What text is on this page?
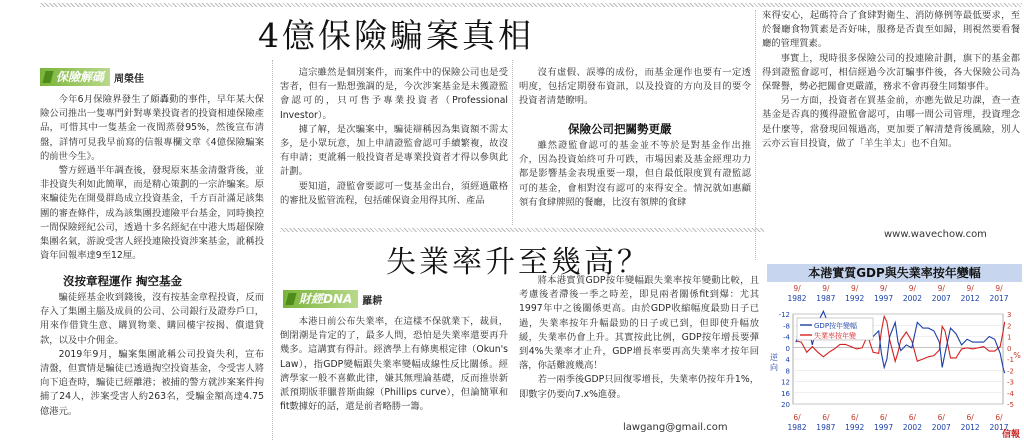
4億保險騙案真相
保險解碼	周榮佳

今年6月保險界發生了頗轟動的事件，早年某大保險公司推出一隻專門針對專業投資者的投資相連保險產品，可惜其中一隻基金一夜間蒸發95%，然後宣布清盤，詳情可見我早前寫的信報專欄文章《4億保險騙案的前世今生》。

警方經過半年調查後，發現原來基金清盤背後，並非投資失利如此簡單，而是精心策劃的一宗詐騙案。原來騙徒先在開曼群島成立投資基金，千方百計滿足該集團的審查條件，成為該集團投連險平台基金，同時換控一間保險經紀公司，透過十多名經紀在中港大馬超保險集團名氣，游說受害人經投連險投資涉案基金，訛稱投資年回報率達9至12厘。

沒按章程運作 掏空基金

騙徒經基金收到錢後，沒有按基金章程投資，反而存入了集團主腦及成員的公司、公司銀行及證券戶口，用來作借貸生意、購買物業、購回樓宇按揭、償還貸款，以及中介佣金。

2019年9月，騙案集團訛稱公司投資失利，宣布清盤，但實情是騙徒已透過掏空投資基金，令受害人將向下追查時，騙徒已經離港；被捕的警方就涉案案件拘捕了24人，涉案受害人約263名，受騙金額高達4.75億港元。

這宗雖然是個別案件，而案件中的保險公司也是受害者，但有一點想強調的是，今次涉案基金是未獲證監會認可的，只可售予專業投資者（Professional Investor）。

據了解，是次騙案中，騙徒辯稱因為集資額不需太多，是小眾玩意，加上申請證監會認可手續繁複，故沒有申請；更訛稱一般投資者是專業投資者才得以參與此計劃。

要知道，證監會要認可一隻基金出台，須經過嚴格的審批及監管流程，包括確保資金用得其所、產品

沒有虛假、誤導的成份，而基金運作也要有一定透明度，包括定期發布資訊，以及投資的方向及目的要令投資者清楚瞭明。

保險公司把關勢更嚴

雖然證監會認可的基金並不等於是對基金作出推介，因為投資始終可升可跌，市場因素及基金經理功力都是影響基金表現重要一環，但自最低限度買有證監認可的基金，會相對沒有認可的來得安全。情況就如惠顧領有食肆牌照的餐廳，比沒有領牌的食肆

來得安心，起碼符合了食肆對衛生、消防條例等最低要求，至於餐廳食物質素是否好味，服務是否貴至如歸，則視然要看餐廳的管理質素。

事實上，現時很多保險公司的投連險計劃，旗下的基金都得到證監會認可，相信經過今次訂騙事件後，各大保險公司為保聲譽，勢必把關會更嚴謹，務求不會再發生同類事件。

另一方面，投資者在買基金前，亦應先做足功課，查一查基金是否真的獲得證監會認可，由哪一間公司管理，投資理念是什麼等，當發現回報過高，更加要了解清楚背後風險，別人云亦云盲目投資，做了「羊生羊太」也不自知。

www.wavechow.com
失業率升至幾高？
財經DNA	羅耕

本港日前公布失業率，在這樣不保就業下，裁員，倒閉潮是肯定的了，最多人問，恐怕是失業率還要再升幾多。這講實有得計。經濟學上有條奧根定律（Okun's Law），指GDP變幅跟失業率變幅成線性反比關係。經濟學家一般不喜歡此律，嫌其無理論基礎，反而推崇新派預期版菲臘普斯曲線（Phillips curve），但論簡單和fit數據好的話，還是前者略勝一籌。

將本港實質GDP按年變幅跟失業率按年變動比較，且考慮後者滯後一季之時差，即見兩者關係fit到爆：尤其1997年中之後關係更高。由於GDP收縮幅度最勁日子已過，失業率按年升幅最勁的日子或已到，但即使升幅放緩，失業率仍會上升。其實按此比例，GDP按年增長要彈到4%失業率才止升，GDP增長率要再高失業率才按年回落，你話難渡幾高！

若一兩季後GDP只回復零增長，失業率仍按年升1%，即數字仍要向7.x%進發。

lawgang@gmail.com
本港實質GDP與失業率按年變幅
9/
1982
9/
1987
9/
1992
9/
1997
9/
2002
9/
2007
9/
2012
9/
2017
6/
1982
6/
1987
6/
1992
6/
1997
6/
2002
6/
2007
6/
2012
6/
2017
-12
-8
-4
0
4
8
12
16
20
逆
向
3
2
1
0
-1
-2
-3
-4
-5
%
GDP按年變幅
失業率按年變
信報
